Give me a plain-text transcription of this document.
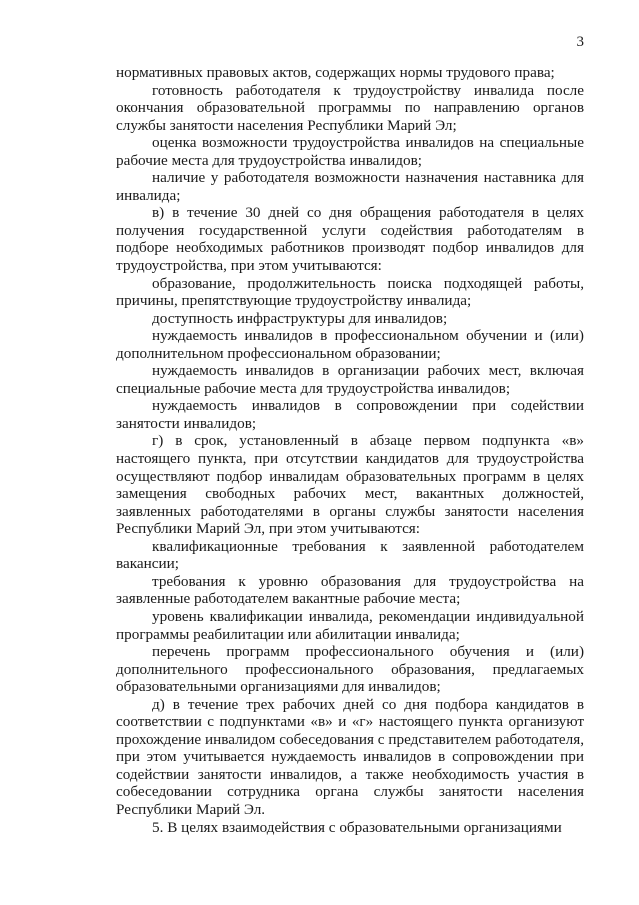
3

нормативных правовых актов, содержащих нормы трудового права;

готовность работодателя к трудоустройству инвалида после окончания образовательной программы по направлению органов службы занятости населения Республики Марий Эл;

оценка возможности трудоустройства инвалидов на специальные рабочие места для трудоустройства инвалидов;

наличие у работодателя возможности назначения наставника для инвалида;

в) в течение 30 дней со дня обращения работодателя в целях получения государственной услуги содействия работодателям в подборе необходимых работников производят подбор инвалидов для трудоустройства, при этом учитываются:

образование, продолжительность поиска подходящей работы, причины, препятствующие трудоустройству инвалида;

доступность инфраструктуры для инвалидов;

нуждаемость инвалидов в профессиональном обучении и (или) дополнительном профессиональном образовании;

нуждаемость инвалидов в организации рабочих мест, включая специальные рабочие места для трудоустройства инвалидов;

нуждаемость инвалидов в сопровождении при содействии занятости инвалидов;

г) в срок, установленный в абзаце первом подпункта «в» настоящего пункта, при отсутствии кандидатов для трудоустройства осуществляют подбор инвалидам образовательных программ в целях замещения свободных рабочих мест, вакантных должностей, заявленных работодателями в органы службы занятости населения Республики Марий Эл, при этом учитываются:

квалификационные требования к заявленной работодателем вакансии;

требования к уровню образования для трудоустройства на заявленные работодателем вакантные рабочие места;

уровень квалификации инвалида, рекомендации индивидуальной программы реабилитации или абилитации инвалида;

перечень программ профессионального обучения и (или) дополнительного профессионального образования, предлагаемых образовательными организациями для инвалидов;

д) в течение трех рабочих дней со дня подбора кандидатов в соответствии с подпунктами «в» и «г» настоящего пункта организуют прохождение инвалидом собеседования с представителем работодателя, при этом учитывается нуждаемость инвалидов в сопровождении при содействии занятости инвалидов, а также необходимость участия в собеседовании сотрудника органа службы занятости населения Республики Марий Эл.

5. В целях взаимодействия с образовательными организациями
